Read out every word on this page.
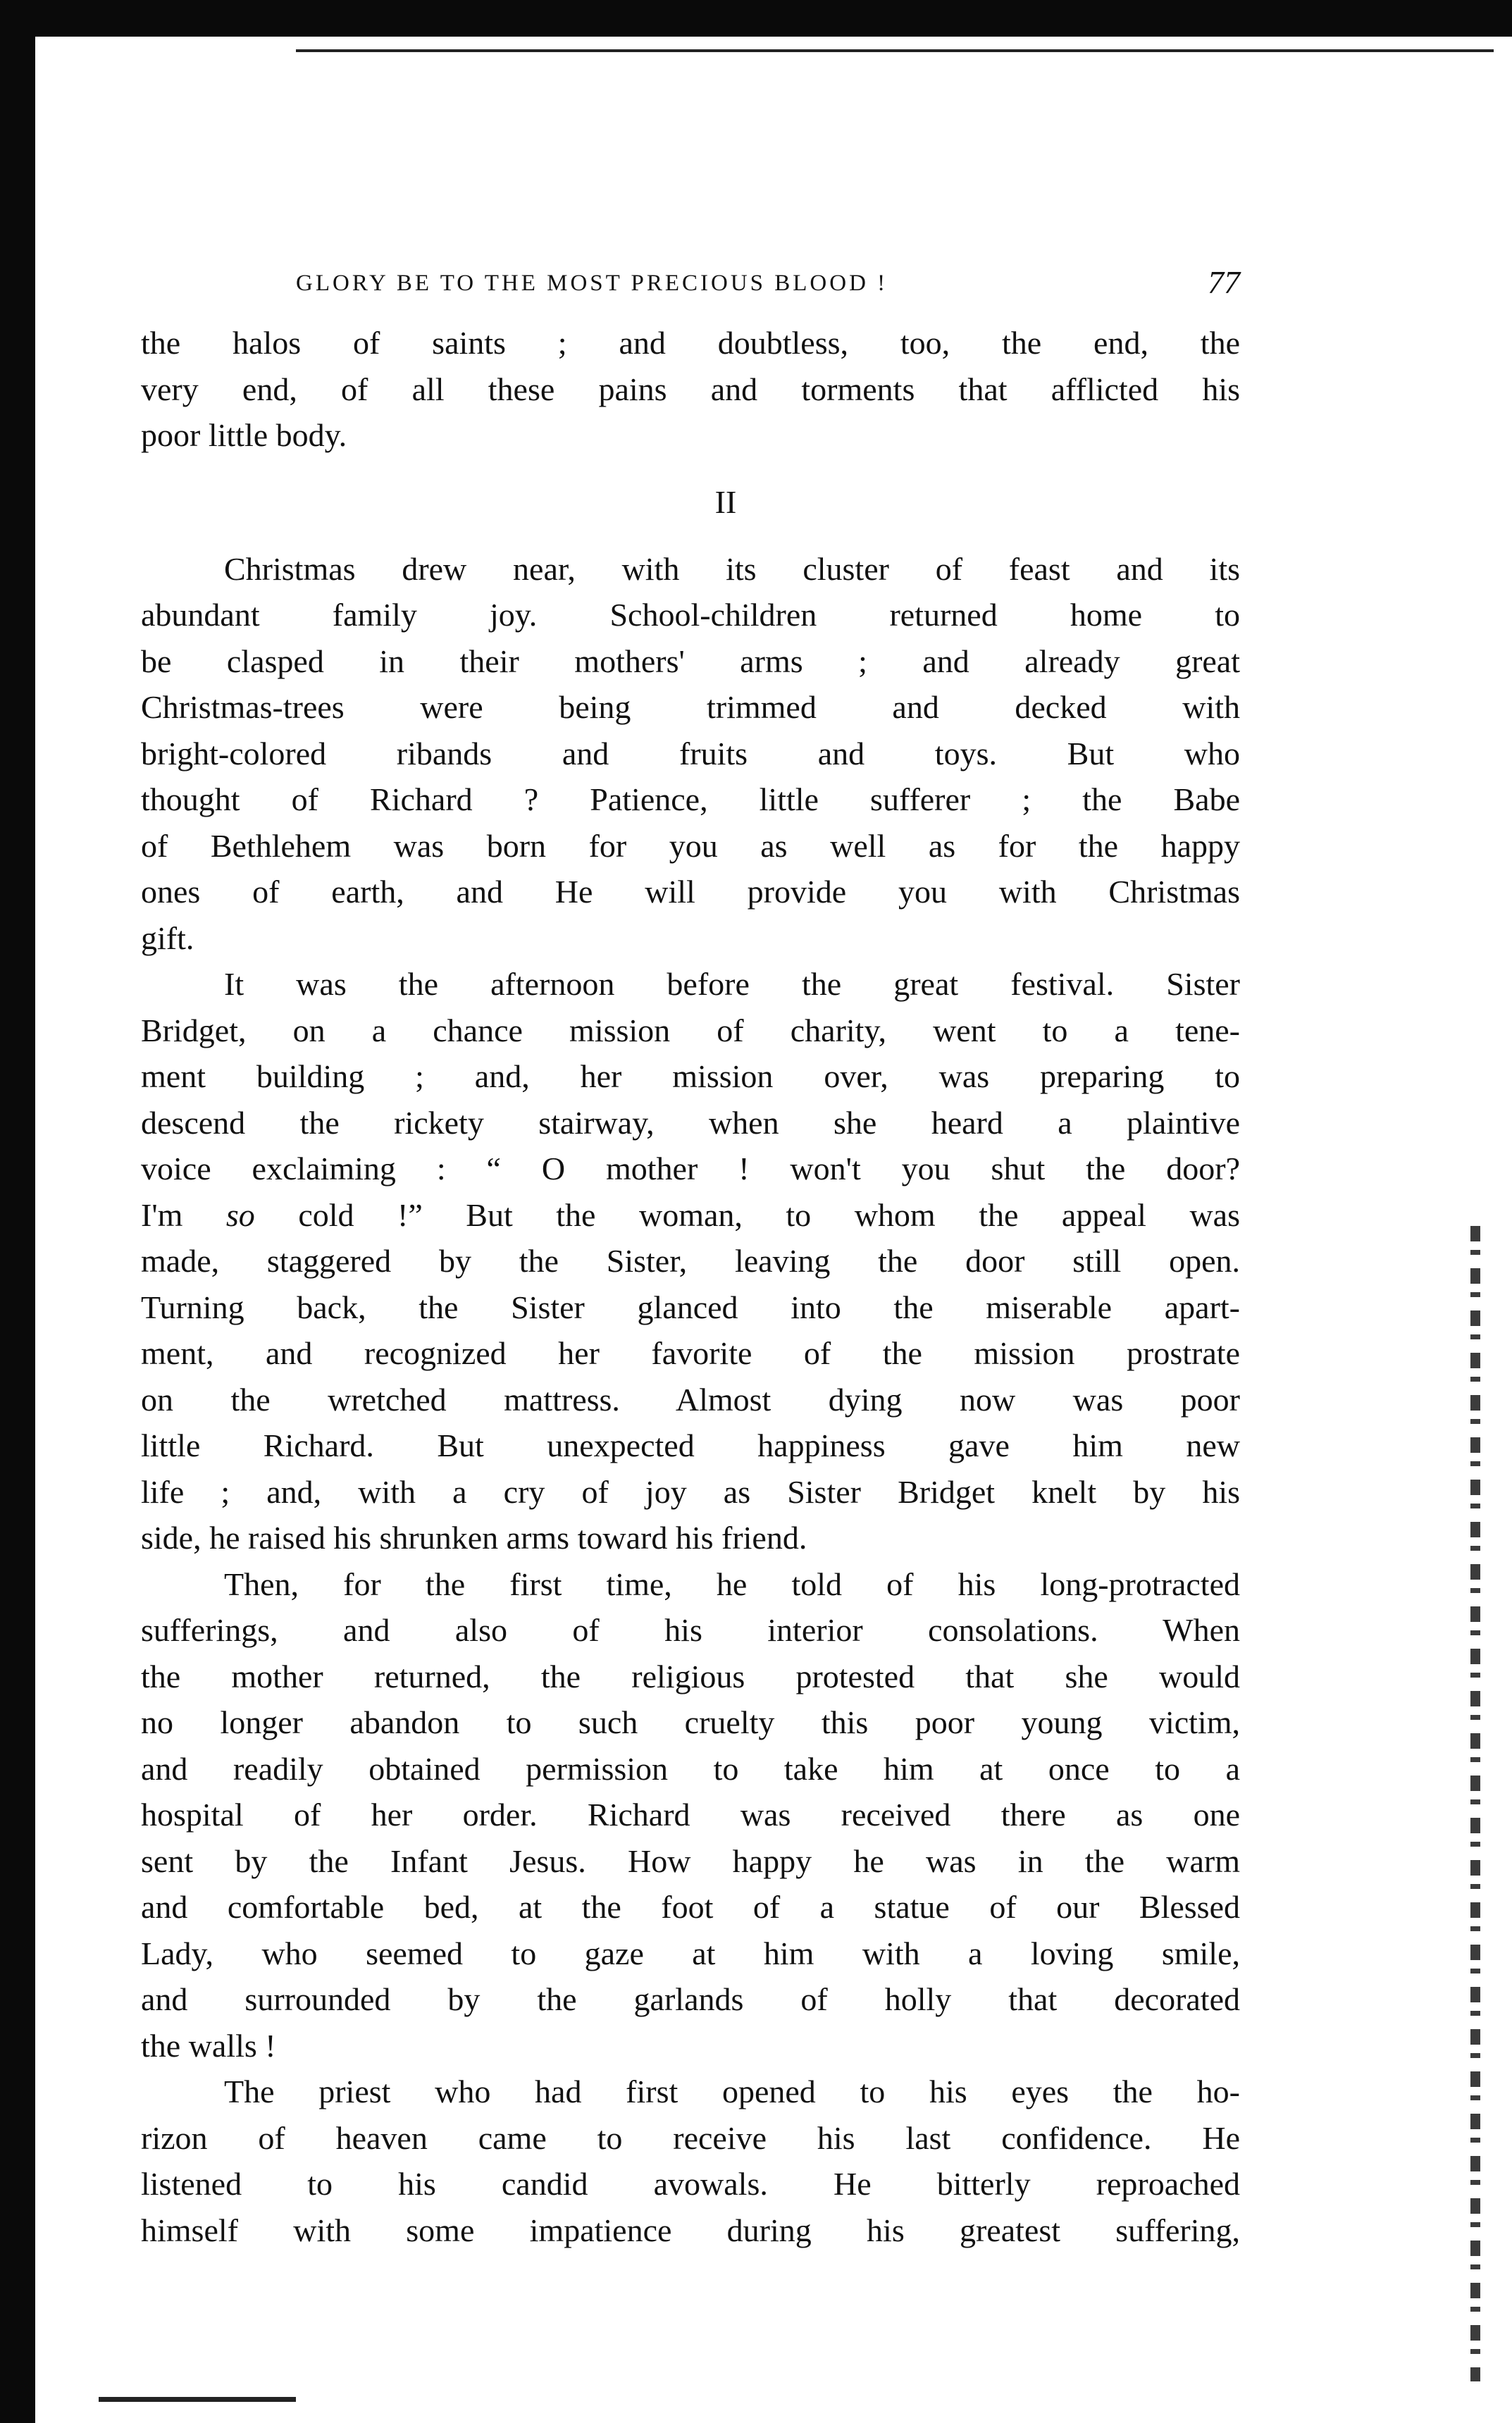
GLORY BE TO THE MOST PRECIOUS BLOOD !	77
the halos of saints ; and doubtless, too, the end, the
very end, of all these pains and torments that afflicted his
poor little body.
II
Christmas drew near, with its cluster of feast and its
abundant family joy. School-children returned home to
be clasped in their mothers' arms ; and already great
Christmas-trees were being trimmed and decked with
bright-colored ribands and fruits and toys. But who
thought of Richard ? Patience, little sufferer ; the Babe
of Bethlehem was born for you as well as for the happy
ones of earth, and He will provide you with Christmas
gift.
It was the afternoon before the great festival. Sister
Bridget, on a chance mission of charity, went to a tene-
ment building ; and, her mission over, was preparing to
descend the rickety stairway, when she heard a plaintive
voice exclaiming : “ O mother ! won't you shut the door?
I'm so cold !” But the woman, to whom the appeal was
made, staggered by the Sister, leaving the door still open.
Turning back, the Sister glanced into the miserable apart-
ment, and recognized her favorite of the mission prostrate
on the wretched mattress. Almost dying now was poor
little Richard. But unexpected happiness gave him new
life ; and, with a cry of joy as Sister Bridget knelt by his
side, he raised his shrunken arms toward his friend.
Then, for the first time, he told of his long-protracted
sufferings, and also of his interior consolations. When
the mother returned, the religious protested that she would
no longer abandon to such cruelty this poor young victim,
and readily obtained permission to take him at once to a
hospital of her order. Richard was received there as one
sent by the Infant Jesus. How happy he was in the warm
and comfortable bed, at the foot of a statue of our Blessed
Lady, who seemed to gaze at him with a loving smile,
and surrounded by the garlands of holly that decorated
the walls !
The priest who had first opened to his eyes the ho-
rizon of heaven came to receive his last confidence. He
listened to his candid avowals. He bitterly reproached
himself with some impatience during his greatest suffering,
